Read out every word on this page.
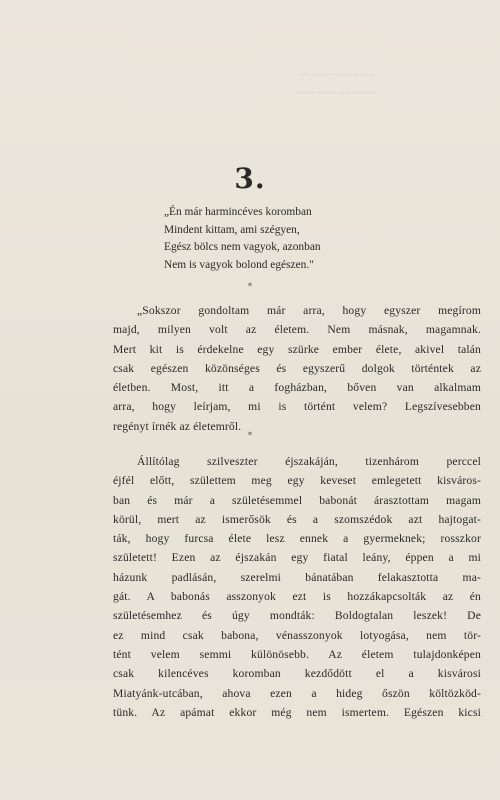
~~ ~~~~ ~~~~~ ~~~
~~~~ ~~~~ ~~ ~~~~~
3.
„Én már harmincéves koromban
Mindent kittam, ami szégyen,
Egész bölcs nem vagyok, azonban
Nem is vagyok bolond egészen."
*
„Sokszor gondoltam már arra, hogy egyszer megírom
majd, milyen volt az életem. Nem másnak, magamnak.
Mert kit is érdekelne egy szürke ember élete, akivel talán
csak egészen közönséges és egyszerű dolgok történtek az
életben. Most, itt a fogházban, bőven van alkalmam
arra, hogy leírjam, mi is történt velem? Legszívesebben
regényt írnék az életemről.
*
Állítólag szilveszter éjszakáján, tizenhárom perccel
éjfél előtt, születtem meg egy keveset emlegetett kisváros-
ban és már a születésemmel babonát árasztottam magam
körül, mert az ismerősök és a szomszédok azt hajtogat-
ták, hogy furcsa élete lesz ennek a gyermeknek; rosszkor
született! Ezen az éjszakán egy fiatal leány, éppen a mi
házunk padlásán, szerelmi bánatában felakasztotta ma-
gát. A babonás asszonyok ezt is hozzákapcsolták az én
születésemhez és úgy mondták: Boldogtalan leszek! De
ez mind csak babona, vénasszonyok lotyogása, nem tör-
tént velem semmi különösebb. Az életem tulajdonképen
csak kilencéves koromban kezdődött el a kisvárosi
Miatyánk-utcában, ahova ezen a hideg őszön költözköd-
tünk. Az apámat ekkor még nem ismertem. Egészen kicsi
